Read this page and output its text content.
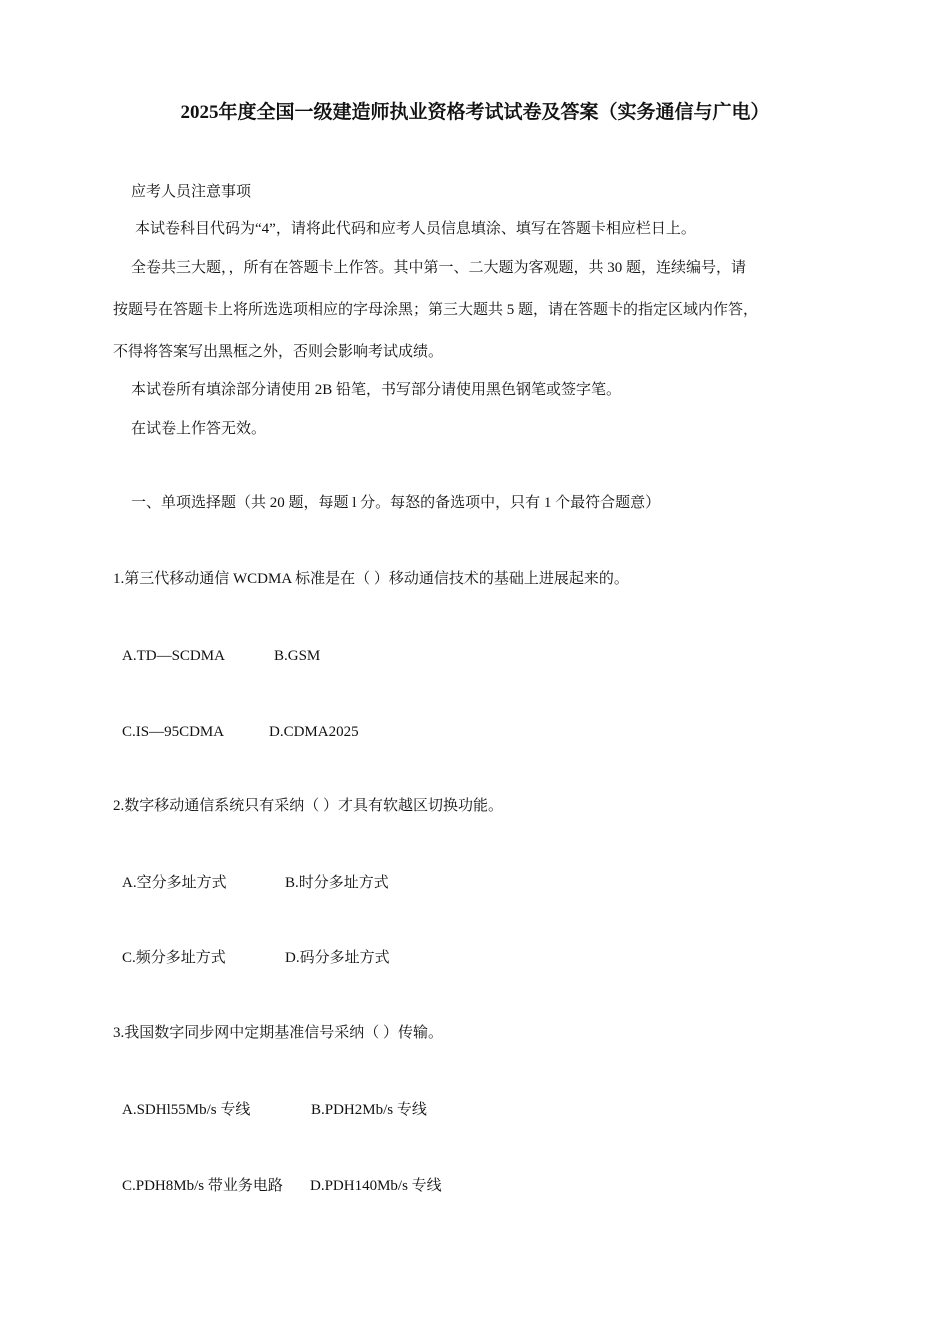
2025年度全国一级建造师执业资格考试试卷及答案（实务通信与广电）
应考人员注意事项
本试卷科目代码为“4”，请将此代码和应考人员信息填涂、填写在答题卡相应栏日上。
全卷共三大题，，所有在答题卡上作答。其中第一、二大题为客观题，共 30 题，连续编号，请
按题号在答题卡上将所选选项相应的字母涂黑；第三大题共 5 题，请在答题卡的指定区域内作答，
不得将答案写出黑框之外，否则会影响考试成绩。
本试卷所有填涂部分请使用 2B 铅笔，书写部分请使用黑色钢笔或签字笔。
在试卷上作答无效。
一、单项选择题（共 20 题，每题 l 分。每怒的备选项中，只有 1 个最符合题意）
1.第三代移动通信 WCDMA 标准是在（ ）移动通信技术的基础上进展起来的。
A.TD—SCDMA	B.GSM
C.IS—95CDMA	D.CDMA2025
2.数字移动通信系统只有采纳（ ）才具有软越区切换功能。
A.空分多址方式	B.时分多址方式
C.频分多址方式	D.码分多址方式
3.我国数字同步网中定期基准信号采纳（ ）传输。
A.SDHl55Mb/s 专线	B.PDH2Mb/s 专线
C.PDH8Mb/s 带业务电路 D.PDH140Mb/s 专线
